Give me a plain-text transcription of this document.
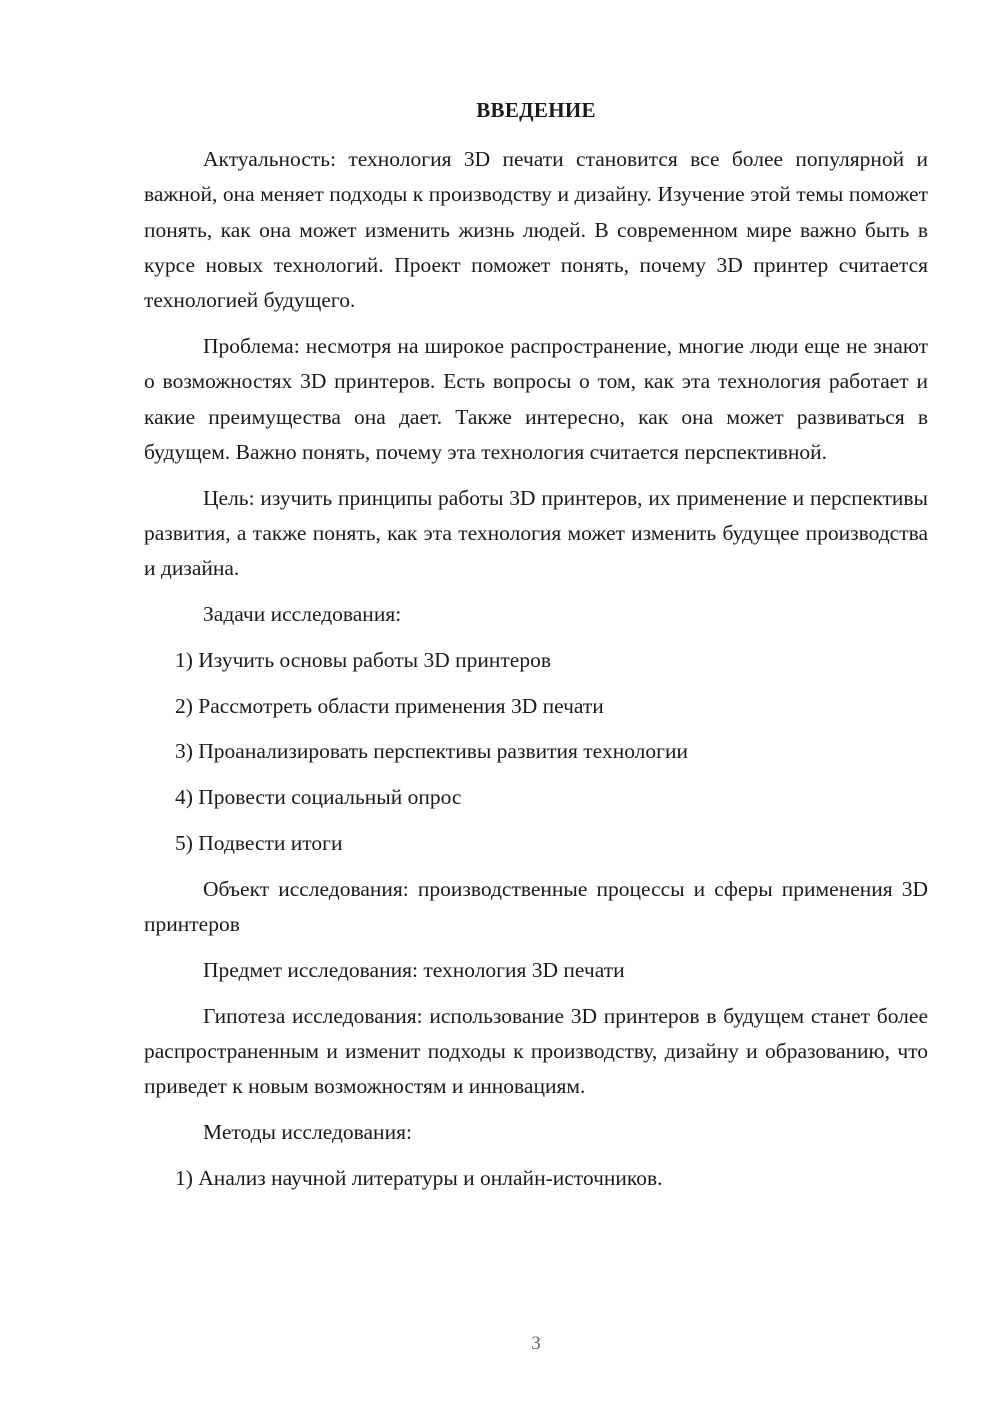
ВВЕДЕНИЕ

Актуальность: технология 3D печати становится все более популярной и важной, она меняет подходы к производству и дизайну. Изучение этой темы поможет понять, как она может изменить жизнь людей. В современном мире важно быть в курсе новых технологий. Проект поможет понять, почему 3D принтер считается технологией будущего.

Проблема: несмотря на широкое распространение, многие люди еще не знают о возможностях 3D принтеров. Есть вопросы о том, как эта технология работает и какие преимущества она дает. Также интересно, как она может развиваться в будущем. Важно понять, почему эта технология считается перспективной.

Цель: изучить принципы работы 3D принтеров, их применение и перспективы развития, а также понять, как эта технология может изменить будущее производства и дизайна.

Задачи исследования:

1) Изучить основы работы 3D принтеров

2) Рассмотреть области применения 3D печати

3) Проанализировать перспективы развития технологии

4) Провести социальный опрос

5) Подвести итоги

Объект исследования: производственные процессы и сферы применения 3D принтеров

Предмет исследования: технология 3D печати

Гипотеза исследования: использование 3D принтеров в будущем станет более распространенным и изменит подходы к производству, дизайну и образованию, что приведет к новым возможностям и инновациям.

Методы исследования:

1) Анализ научной литературы и онлайн-источников.

3
